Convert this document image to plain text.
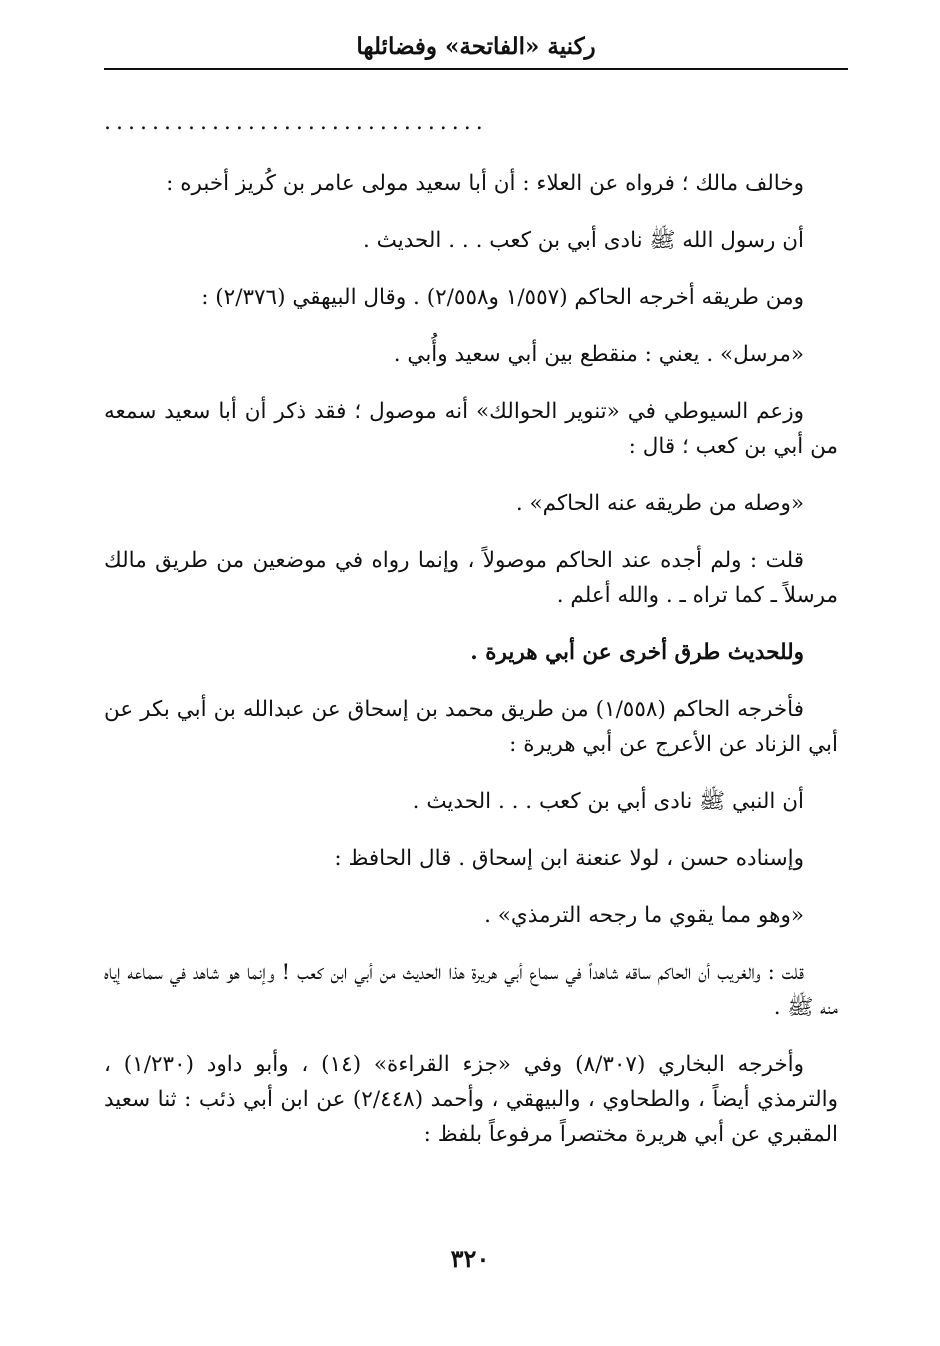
ركنية «الفاتحة» وفضائلها
................................

وخالف مالك ؛ فرواه عن العلاء : أن أبا سعيد مولى عامر بن كُريز أخبره :

أن رسول الله ﷺ نادى أبي بن كعب . . . الحديث .

ومن طريقه أخرجه الحاكم (١/٥٥٧ و٢/٥٥٨) . وقال البيهقي (٢/٣٧٦) :

«مرسل» . يعني : منقطع بين أبي سعيد وأُبي .

وزعم السيوطي في «تنوير الحوالك» أنه موصول ؛ فقد ذكر أن أبا سعيد سمعه من أبي بن كعب ؛ قال :

«وصله من طريقه عنه الحاكم» .

قلت : ولم أجده عند الحاكم موصولاً ، وإنما رواه في موضعين من طريق مالك مرسلاً ـ كما تراه ـ . والله أعلم .

وللحديث طرق أخرى عن أبي هريرة .

فأخرجه الحاكم (١/٥٥٨) من طريق محمد بن إسحاق عن عبدالله بن أبي بكر عن أبي الزناد عن الأعرج عن أبي هريرة :

أن النبي ﷺ نادى أبي بن كعب . . . الحديث .

وإسناده حسن ، لولا عنعنة ابن إسحاق . قال الحافظ :

«وهو مما يقوي ما رجحه الترمذي» .

قلت : والغريب أن الحاكم ساقه شاهداً في سماع أبي هريرة هذا الحديث من أبي ابن كعب ! وإنما هو شاهد في سماعه إياه منه ﷺ .

وأخرجه البخاري (٨/٣٠٧) وفي «جزء القراءة» (١٤) ، وأبو داود (١/٢٣٠) ، والترمذي أيضاً ، والطحاوي ، والبيهقي ، وأحمد (٢/٤٤٨) عن ابن أبي ذئب : ثنا سعيد المقبري عن أبي هريرة مختصراً مرفوعاً بلفظ :

٣٢٠
